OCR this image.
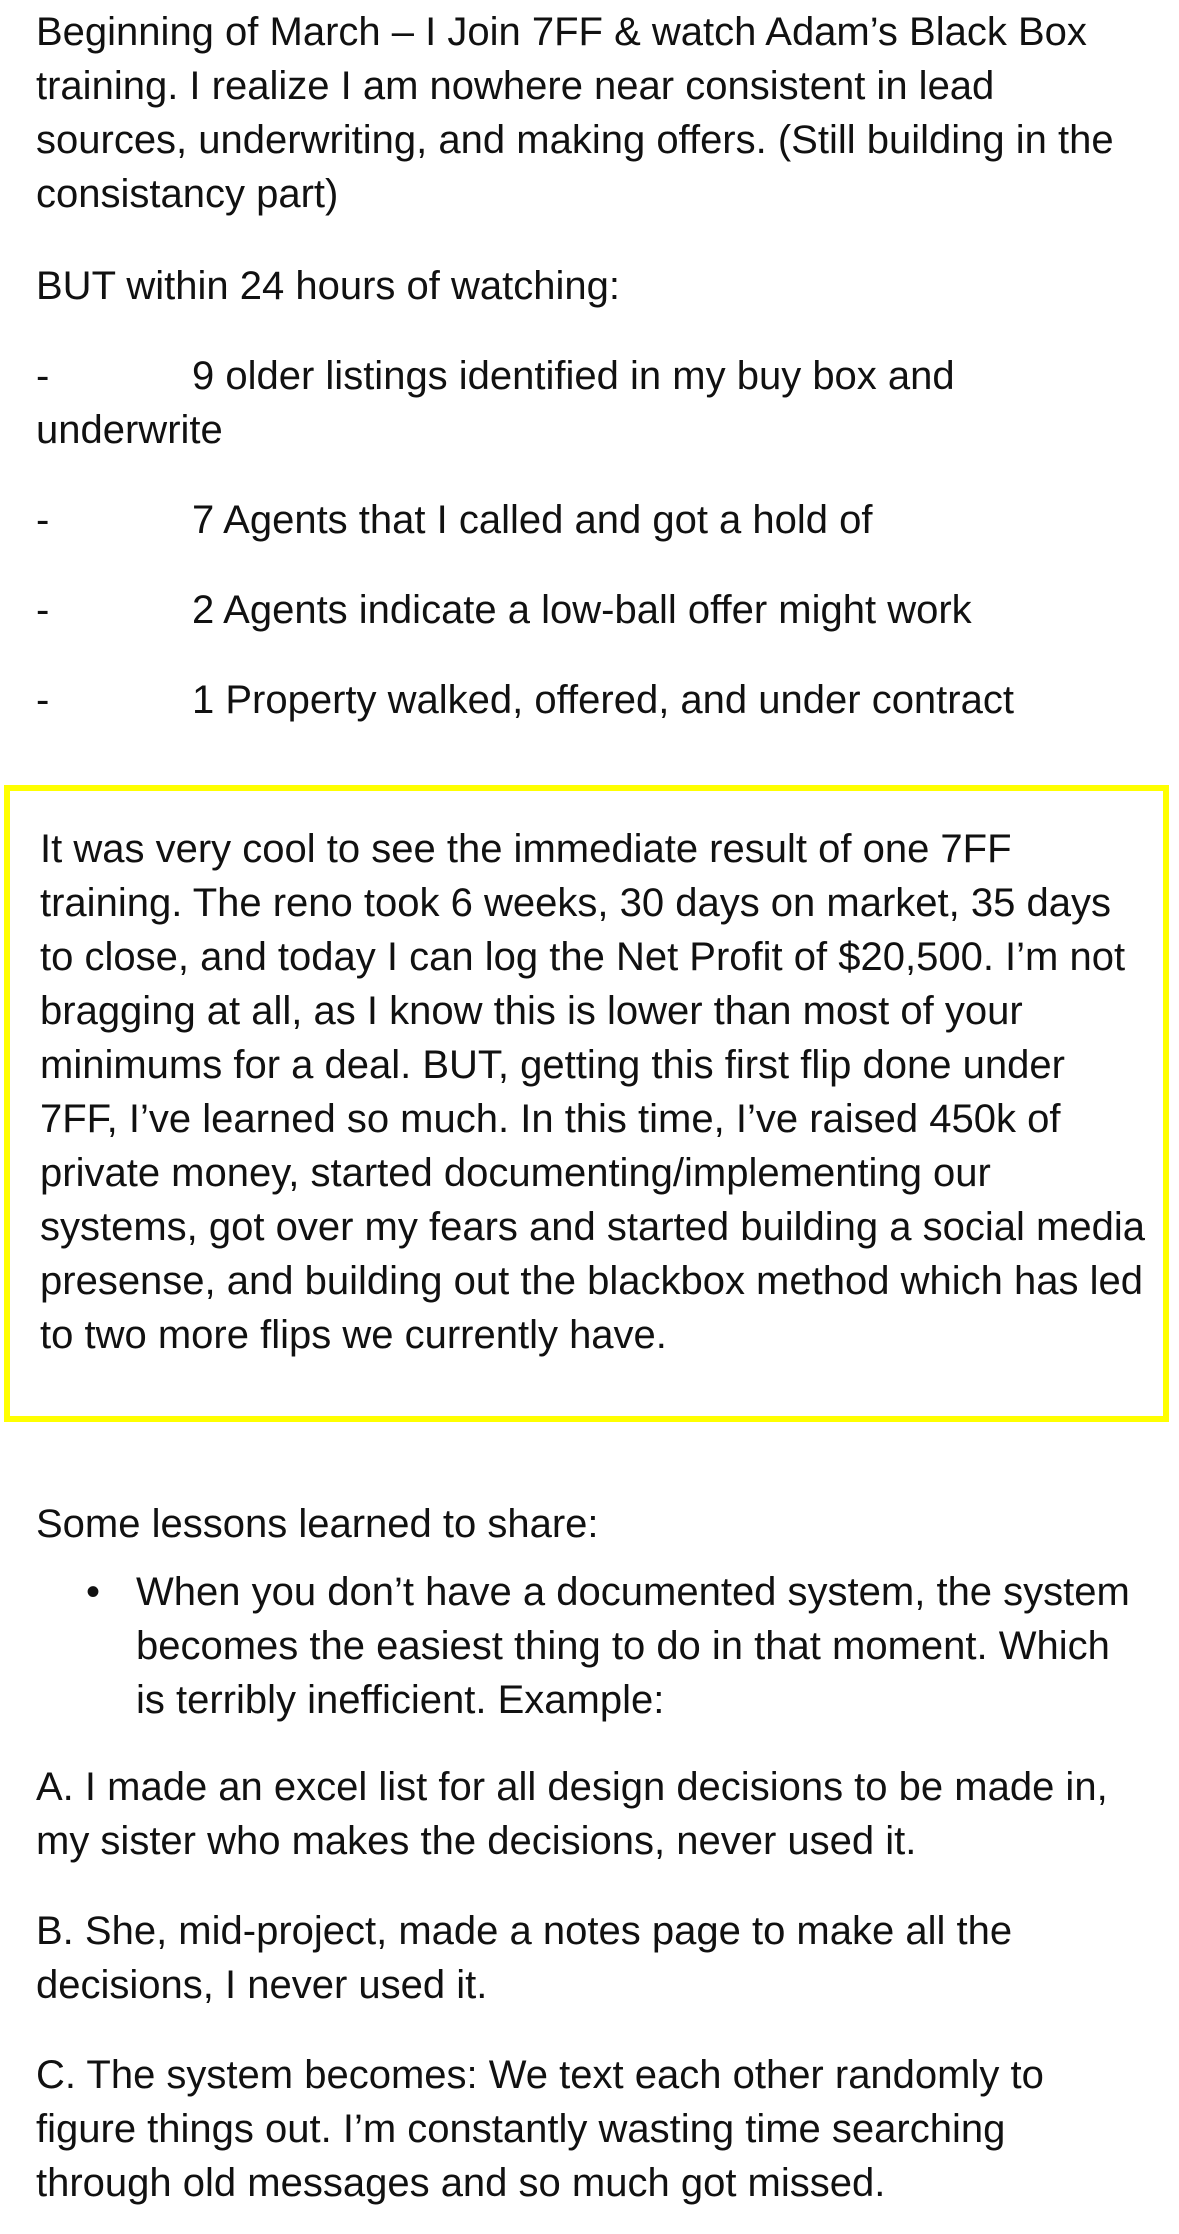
Beginning of March – I Join 7FF & watch Adam’s Black Box training. I realize I am nowhere near consistent in lead sources, underwriting, and making offers. (Still building in the consistancy part)

BUT within 24 hours of watching:

-	9 older listings identified in my buy box and underwrite
-	7 Agents that I called and got a hold of
-	2 Agents indicate a low-ball offer might work
-	1 Property walked, offered, and under contract

It was very cool to see the immediate result of one 7FF training. The reno took 6 weeks, 30 days on market, 35 days to close, and today I can log the Net Profit of $20,500. I’m not bragging at all, as I know this is lower than most of your minimums for a deal. BUT, getting this first flip done under 7FF, I’ve learned so much. In this time, I’ve raised 450k of private money, started documenting/implementing our systems, got over my fears and started building a social media presense, and building out the blackbox method which has led to two more flips we currently have.

Some lessons learned to share:

• When you don’t have a documented system, the system becomes the easiest thing to do in that moment. Which is terribly inefficient. Example:

A. I made an excel list for all design decisions to be made in, my sister who makes the decisions, never used it.

B. She, mid-project, made a notes page to make all the decisions, I never used it.

C. The system becomes: We text each other randomly to figure things out. I’m constantly wasting time searching through old messages and so much got missed.
